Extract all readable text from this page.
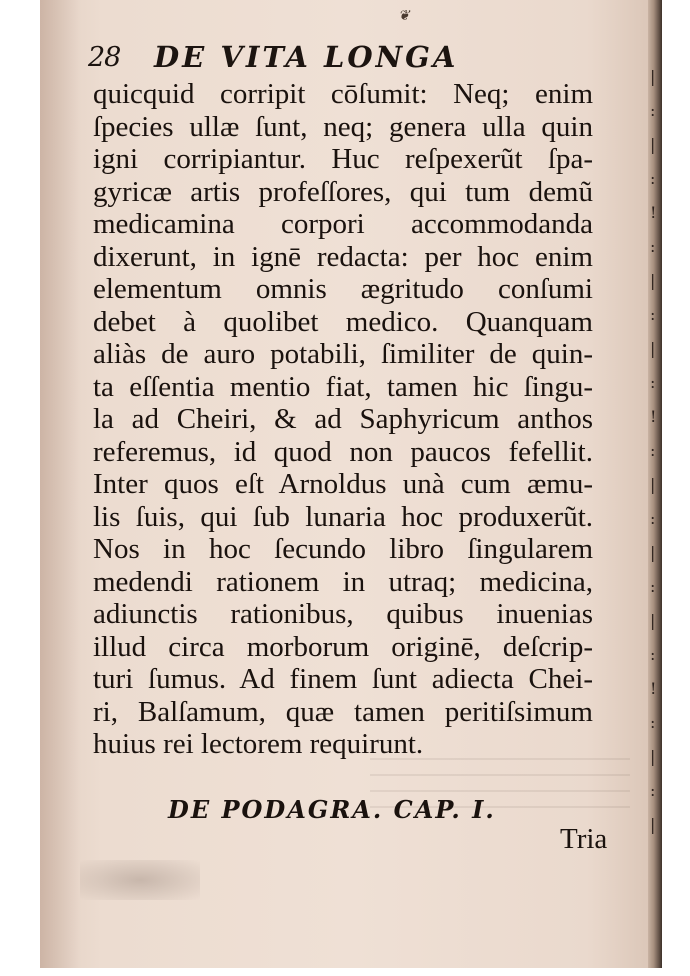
|
:
|
:
!
:
|
:
|
:
!
:
|
:
|
:
|
:
!
:
|
:
|
❦
28 DE VITA LONGA
quicquid corripit cōſumit: Neq; enim
ſpecies ullæ ſunt, neq; genera ulla quin
igni corripiantur. Huc reſpexerũt ſpa-
gyricæ artis profeſſores, qui tum demũ
medicamina corpori accommodanda
dixerunt, in ignē redacta: per hoc enim
elementum omnis ægritudo conſumi
debet à quolibet medico. Quanquam
aliàs de auro potabili, ſimiliter de quin-
ta eſſentia mentio fiat, tamen hic ſingu-
la ad Cheiri, & ad Saphyricum anthos
referemus, id quod non paucos fefellit.
Inter quos eſt Arnoldus unà cum æmu-
lis ſuis, qui ſub lunaria hoc produxerũt.
Nos in hoc ſecundo libro ſingularem
medendi rationem in utraq; medicina,
adiunctis rationibus, quibus inuenias
illud circa morborum originē, deſcrip-
turi ſumus. Ad finem ſunt adiecta Chei-
ri, Balſamum, quæ tamen peritiſsimum
huius rei lectorem requirunt.
DE PODAGRA. CAP. I.
Tria
